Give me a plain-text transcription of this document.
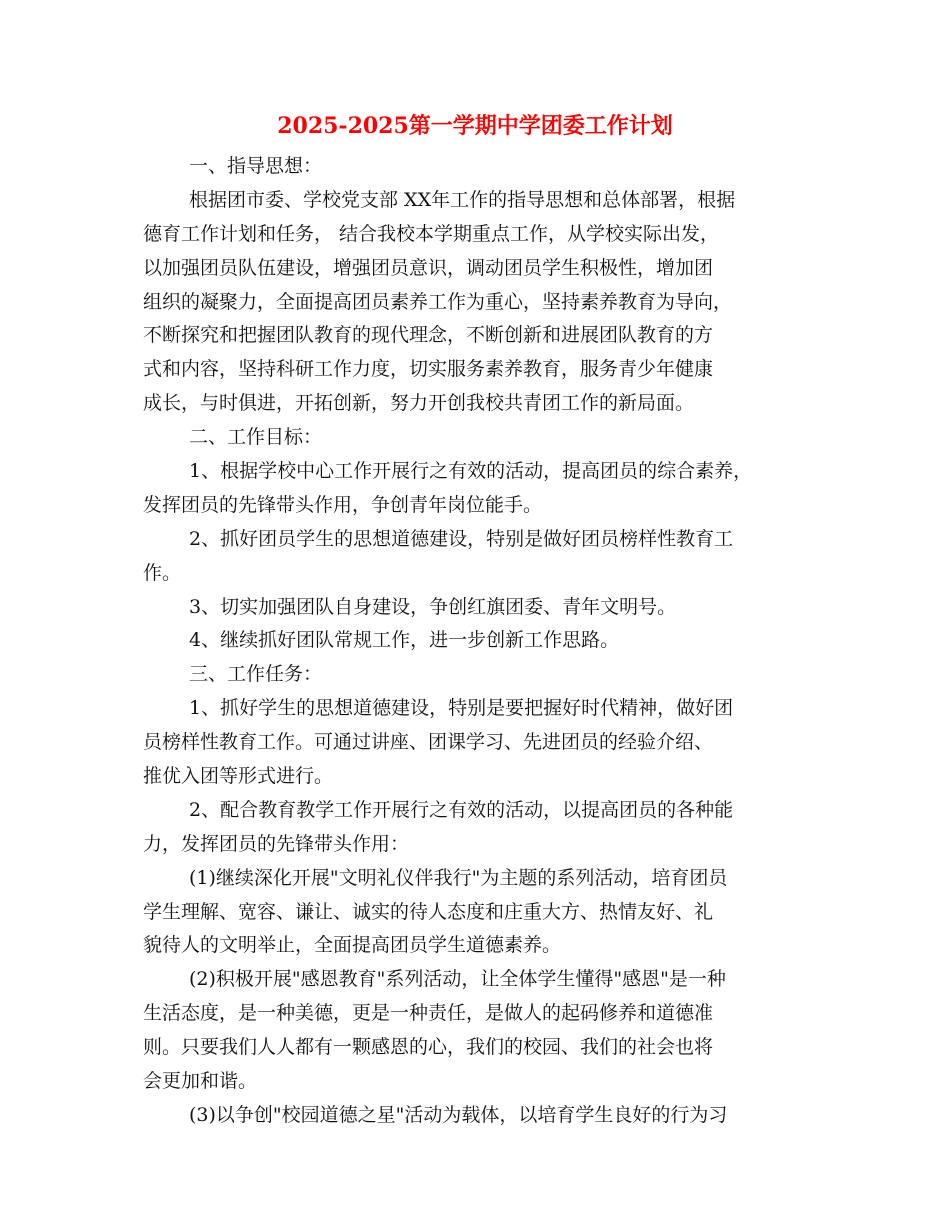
2025-2025第一学期中学团委工作计划
一、指导思想：
根据团市委、学校党支部 XX年工作的指导思想和总体部署，根据
德育工作计划和任务， 结合我校本学期重点工作，从学校实际出发，
以加强团员队伍建设，增强团员意识，调动团员学生积极性，增加团
组织的凝聚力，全面提高团员素养工作为重心，坚持素养教育为导向，
不断探究和把握团队教育的现代理念，不断创新和进展团队教育的方
式和内容，坚持科研工作力度，切实服务素养教育，服务青少年健康
成长，与时俱进，开拓创新，努力开创我校共青团工作的新局面。
二、工作目标：
1、根据学校中心工作开展行之有效的活动，提高团员的综合素养，
发挥团员的先锋带头作用，争创青年岗位能手。
2、抓好团员学生的思想道德建设，特别是做好团员榜样性教育工
作。
3、切实加强团队自身建设，争创红旗团委、青年文明号。
4、继续抓好团队常规工作，进一步创新工作思路。
三、工作任务：
1、抓好学生的思想道德建设，特别是要把握好时代精神，做好团
员榜样性教育工作。可通过讲座、团课学习、先进团员的经验介绍、
推优入团等形式进行。
2、配合教育教学工作开展行之有效的活动，以提高团员的各种能
力，发挥团员的先锋带头作用：
(1)继续深化开展"文明礼仪伴我行"为主题的系列活动，培育团员
学生理解、宽容、谦让、诚实的待人态度和庄重大方、热情友好、礼
貌待人的文明举止，全面提高团员学生道德素养。
(2)积极开展"感恩教育"系列活动，让全体学生懂得"感恩"是一种
生活态度，是一种美德，更是一种责任，是做人的起码修养和道德准
则。只要我们人人都有一颗感恩的心，我们的校园、我们的社会也将
会更加和谐。
(3)以争创"校园道德之星"活动为载体，以培育学生良好的行为习
